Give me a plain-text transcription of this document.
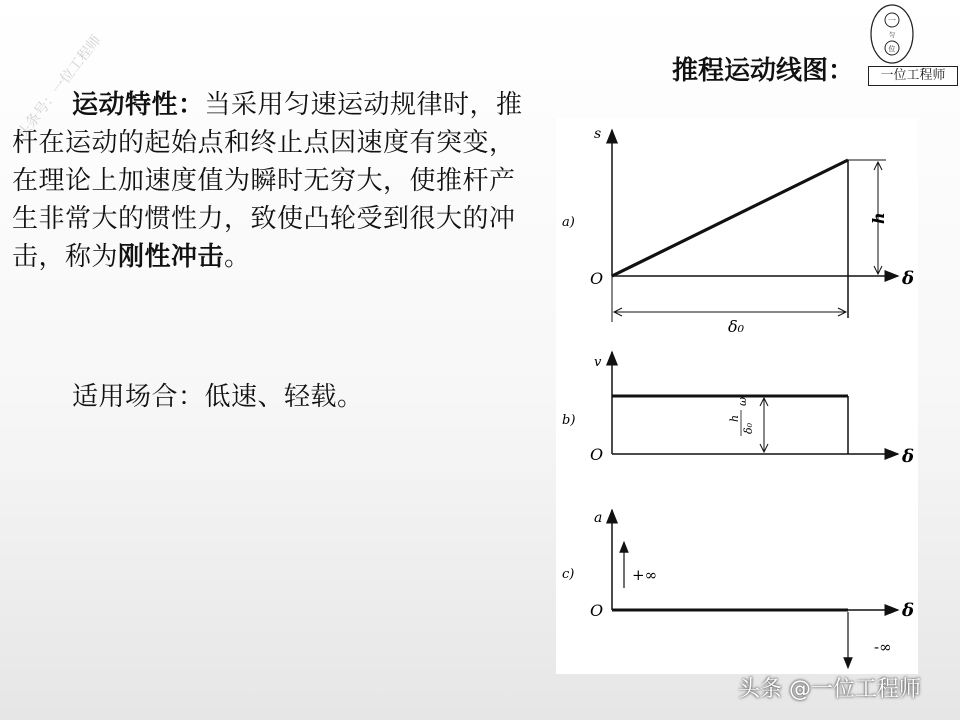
头条号：一位工程师
运动特性：当采用匀速运动规律时，推杆在运动的起始点和终止点因速度有突变，在理论上加速度值为瞬时无穷大，使推杆产生非常大的惯性力，致使凸轮受到很大的冲击，称为刚性冲击。
适用场合：低速、轻载。
推程运动线图：
一
匀
位
一位工程师
s
a)
O	δ
h
δ₀
v
b)
O	δ
h
δ₀
ω
a
c)
O	δ
+∞
-∞
头条 @一位工程师
